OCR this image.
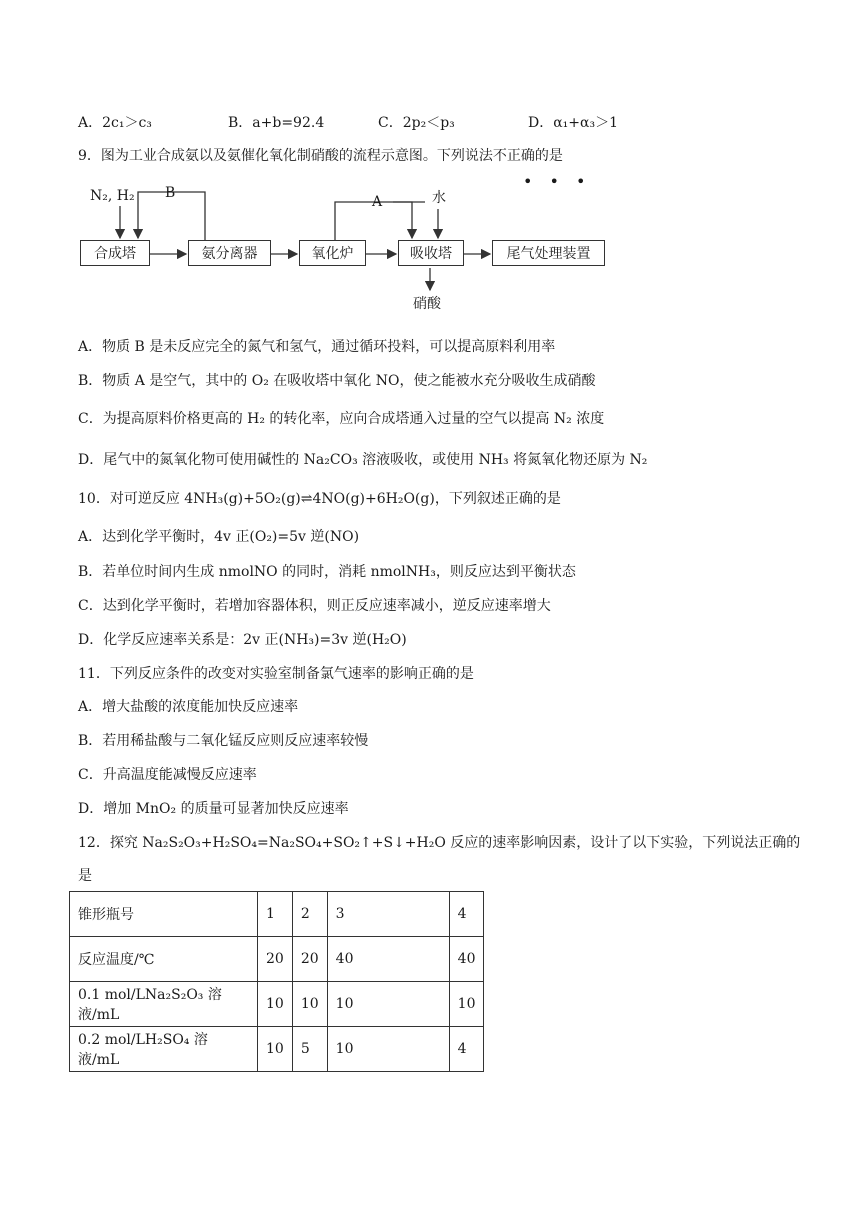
A．2c₁＞c₃	B．a+b=92.4	C．2p₂＜p₃	D．α₁+α₃＞1
9．图为工业合成氨以及氨催化氧化制硝酸的流程示意图。下列说法不正确的是
• • •
合成塔	氨分离器	氧化炉	吸收塔	尾气处理装置
N₂, H₂ B
A	水
硝酸
A．物质 B 是未反应完全的氮气和氢气，通过循环投料，可以提高原料利用率
B．物质 A 是空气，其中的 O₂ 在吸收塔中氧化 NO，使之能被水充分吸收生成硝酸
C．为提高原料价格更高的 H₂ 的转化率，应向合成塔通入过量的空气以提高 N₂ 浓度
D．尾气中的氮氧化物可使用碱性的 Na₂CO₃ 溶液吸收，或使用 NH₃ 将氮氧化物还原为 N₂
10．对可逆反应 4NH₃(g)+5O₂(g)⇌4NO(g)+6H₂O(g)，下列叙述正确的是
A．达到化学平衡时，4v 正(O₂)=5v 逆(NO)
B．若单位时间内生成 nmolNO 的同时，消耗 nmolNH₃，则反应达到平衡状态
C．达到化学平衡时，若增加容器体积，则正反应速率减小，逆反应速率增大
D．化学反应速率关系是：2v 正(NH₃)=3v 逆(H₂O)
11．下列反应条件的改变对实验室制备氯气速率的影响正确的是
A．增大盐酸的浓度能加快反应速率
B．若用稀盐酸与二氧化锰反应则反应速率较慢
C．升高温度能减慢反应速率
D．增加 MnO₂ 的质量可显著加快反应速率
12．探究 Na₂S₂O₃+H₂SO₄=Na₂SO₄+SO₂↑+S↓+H₂O 反应的速率影响因素，设计了以下实验，下列说法正确的
是
锥形瓶号	1	2	3	4
反应温度/℃	20	20	40	40
0.1 mol/LNa₂S₂O₃ 溶液/mL	10	10	10	10
0.2 mol/LH₂SO₄ 溶液/mL	10	5	10	4
